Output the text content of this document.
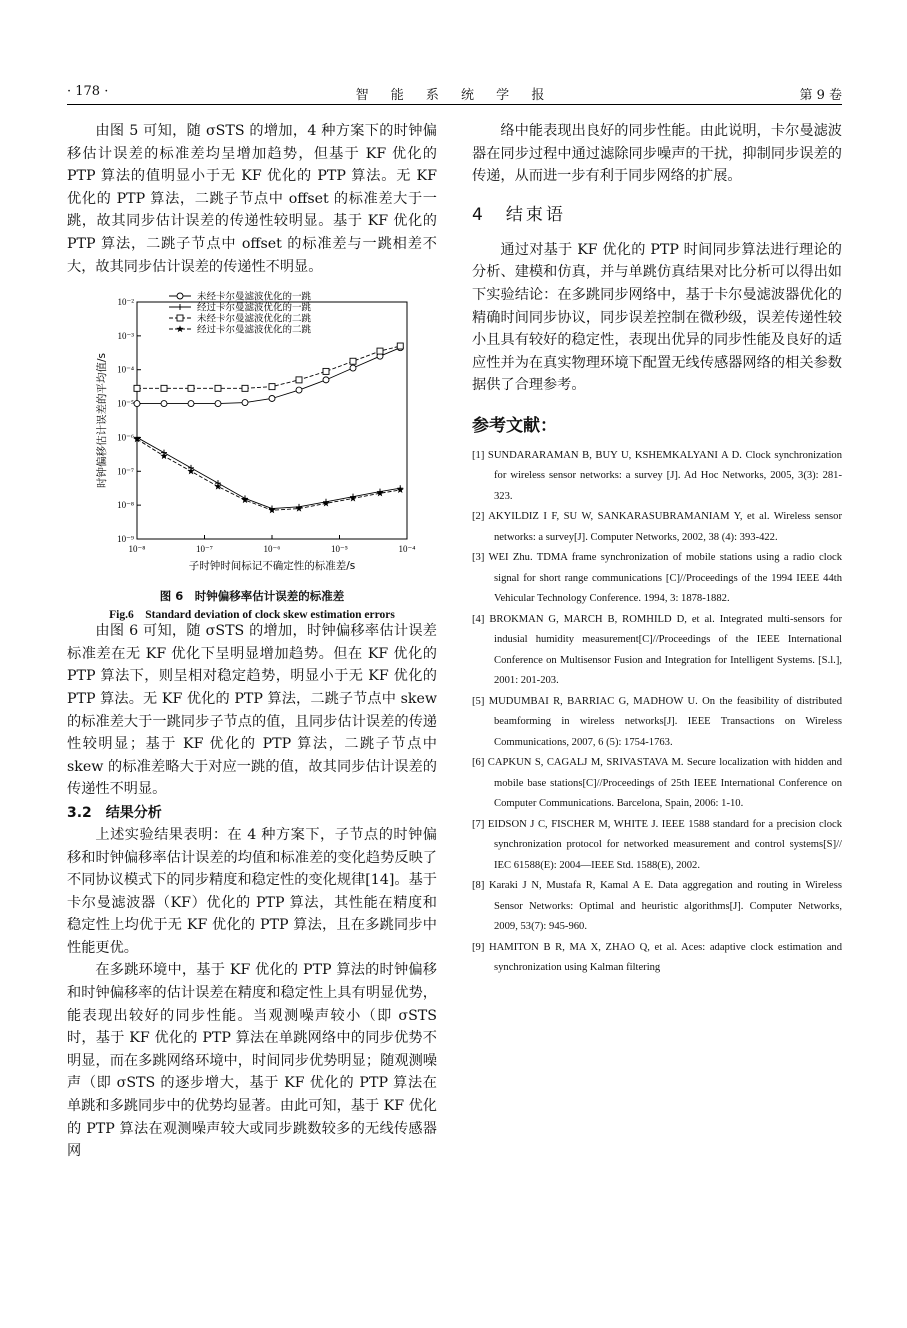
· 178 ·	智 能 系 统 学 报	第 9 卷

由图 5 可知，随 σSTS 的增加，4 种方案下的时钟偏移估计误差的标准差均呈增加趋势，但基于 KF 优化的 PTP 算法的值明显小于无 KF 优化的 PTP 算法。无 KF 优化的 PTP 算法，二跳子节点中 offset 的标准差大于一跳，故其同步估计误差的传递性较明显。基于 KF 优化的 PTP 算法，二跳子节点中 offset 的标准差与一跳相差不大，故其同步估计误差的传递性不明显。

10⁻⁸	10⁻⁷	10⁻⁶	10⁻⁵	10⁻⁴
10⁻²
10⁻³
10⁻⁴
10⁻⁵
10⁻⁶
10⁻⁷
10⁻⁸
10⁻⁹
子时钟时间标记不确定性的标准差/s
时钟偏移估计误差的平均值/s
未经卡尔曼滤波优化的一跳
经过卡尔曼滤波优化的一跳
未经卡尔曼滤波优化的二跳
经过卡尔曼滤波优化的二跳
图 6　时钟偏移率估计误差的标准差
Fig.6　Standard deviation of clock skew estimation errors

由图 6 可知，随 σSTS 的增加，时钟偏移率估计误差标准差在无 KF 优化下呈明显增加趋势。但在 KF 优化的 PTP 算法下，则呈相对稳定趋势，明显小于无 KF 优化的 PTP 算法。无 KF 优化的 PTP 算法，二跳子节点中 skew 的标准差大于一跳同步子节点的值，且同步估计误差的传递性较明显；基于 KF 优化的 PTP 算法，二跳子节点中 skew 的标准差略大于对应一跳的值，故其同步估计误差的传递性不明显。

3.2　结果分析

上述实验结果表明：在 4 种方案下，子节点的时钟偏移和时钟偏移率估计误差的均值和标准差的变化趋势反映了不同协议模式下的同步精度和稳定性的变化规律[14]。基于卡尔曼滤波器（KF）优化的 PTP 算法，其性能在精度和稳定性上均优于无 KF 优化的 PTP 算法，且在多跳同步中性能更优。

在多跳环境中，基于 KF 优化的 PTP 算法的时钟偏移和时钟偏移率的估计误差在精度和稳定性上具有明显优势，能表现出较好的同步性能。当观测噪声较小（即 σSTS 时，基于 KF 优化的 PTP 算法在单跳网络中的同步优势不明显，而在多跳网络环境中，时间同步优势明显；随观测噪声（即 σSTS 的逐步增大，基于 KF 优化的 PTP 算法在单跳和多跳同步中的优势均显著。由此可知，基于 KF 优化的 PTP 算法在观测噪声较大或同步跳数较多的无线传感器网

络中能表现出良好的同步性能。由此说明，卡尔曼滤波器在同步过程中通过滤除同步噪声的干扰，抑制同步误差的传递，从而进一步有利于同步网络的扩展。

4　结束语

通过对基于 KF 优化的 PTP 时间同步算法进行理论的分析、建模和仿真，并与单跳仿真结果对比分析可以得出如下实验结论：在多跳同步网络中，基于卡尔曼滤波器优化的精确时间同步协议，同步误差控制在微秒级，误差传递性较小且具有较好的稳定性，表现出优异的同步性能及良好的适应性并为在真实物理环境下配置无线传感器网络的相关参数据供了合理参考。

参考文献：
[1] SUNDARARAMAN B, BUY U, KSHEMKALYANI A D. Clock synchronization for wireless sensor networks: a survey [J]. Ad Hoc Networks, 2005, 3(3): 281-323.
[2] AKYILDIZ I F, SU W, SANKARASUBRAMANIAM Y, et al. Wireless sensor networks: a survey[J]. Computer Networks, 2002, 38 (4): 393-422.
[3] WEI Zhu. TDMA frame synchronization of mobile stations using a radio clock signal for short range communications [C]//Proceedings of the 1994 IEEE 44th Vehicular Technology Conference. 1994, 3: 1878-1882.
[4] BROKMAN G, MARCH B, ROMHILD D, et al. Integrated multi-sensors for indusial humidity measurement[C]//Proceedings of the IEEE International Conference on Multisensor Fusion and Integration for Intelligent Systems. [S.l.], 2001: 201-203.
[5] MUDUMBAI R, BARRIAC G, MADHOW U. On the feasibility of distributed beamforming in wireless networks[J]. IEEE Transactions on Wireless Communications, 2007, 6 (5): 1754-1763.
[6] CAPKUN S, CAGALJ M, SRIVASTAVA M. Secure localization with hidden and mobile base stations[C]//Proceedings of 25th IEEE International Conference on Computer Communications. Barcelona, Spain, 2006: 1-10.
[7] EIDSON J C, FISCHER M, WHITE J. IEEE 1588 standard for a precision clock synchronization protocol for networked measurement and control systems[S]// IEC 61588(E): 2004—IEEE Std. 1588(E), 2002.
[8] Karaki J N, Mustafa R, Kamal A E. Data aggregation and routing in Wireless Sensor Networks: Optimal and heuristic algorithms[J]. Computer Networks, 2009, 53(7): 945-960.
[9] HAMITON B R, MA X, ZHAO Q, et al. Aces: adaptive clock estimation and synchronization using Kalman filtering
